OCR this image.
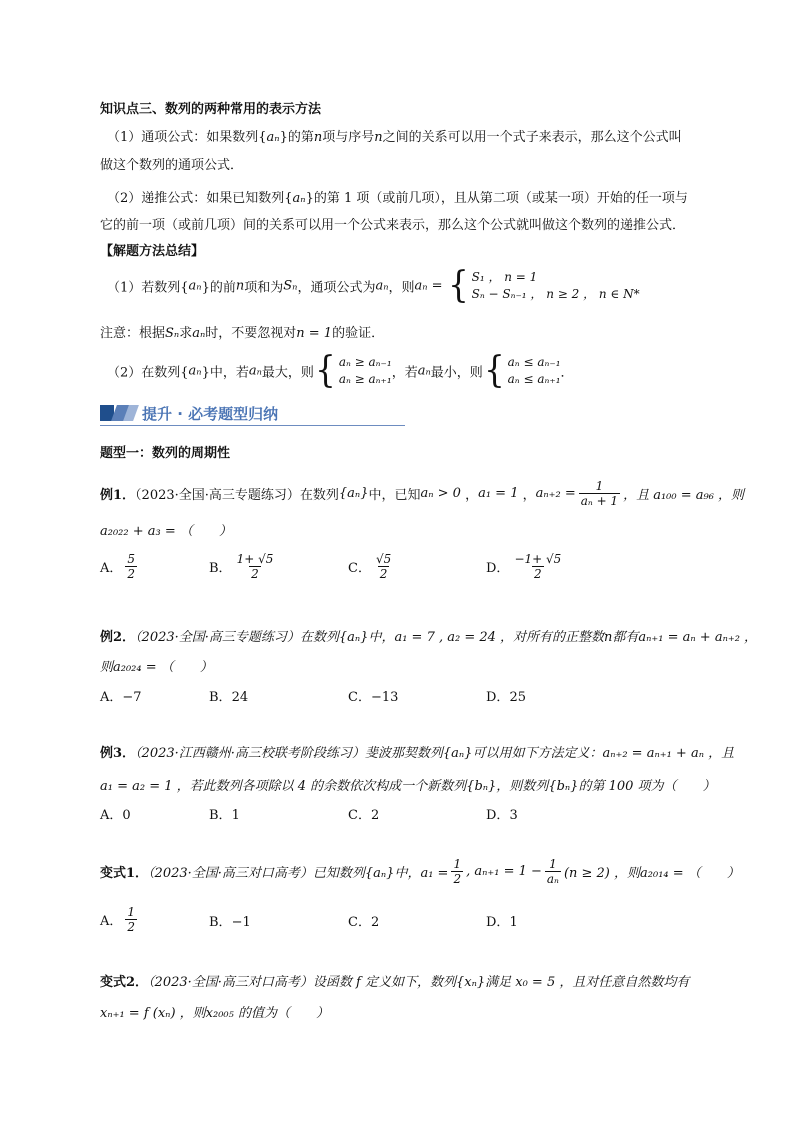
知识点三、数列的两种常用的表示方法
（1）通项公式：如果数列{aₙ}的第n项与序号n之间的关系可以用一个式子来表示，那么这个公式叫
做这个数列的通项公式．
（2）递推公式：如果已知数列{aₙ}的第 1 项（或前几项），且从第二项（或某一项）开始的任一项与
它的前一项（或前几项）间的关系可以用一个公式来表示，那么这个公式就叫做这个数列的递推公式．
【解题方法总结】
（1）若数列{aₙ}的前n项和为Sₙ，通项公式为aₙ，则aₙ = { S₁ ， n = 1
Sₙ − Sₙ₋₁ ， n ≥ 2 ， n ∈ N*
注意：根据Sₙ求aₙ时，不要忽视对n = 1的验证．
（2）在数列{aₙ}中，若aₙ最大，则 { aₙ ≥ aₙ₋₁
aₙ ≥ aₙ₊₁ ，若aₙ最小，则 { aₙ ≤ aₙ₋₁
aₙ ≤ aₙ₊₁ ．
提升 · 必考题型归纳
题型一：数列的周期性
例1．（2023·全国·高三专题练习）在数列{aₙ}中，已知aₙ > 0 ，a₁ = 1 ，$a_{n+2} = \frac{1}{\text{aₙ + 1}}$ ，且 a₁₀₀ = a₉₆ ，则
a₂₀₂₂ + a₃ = （　　）
A． $\frac{5}{2}$	B． $\frac{1+ √5}{2}$	C． $\frac{√5}{2}$	D． $\frac{-1+ √5}{2}$
例2．（2023·全国·高三专题练习）在数列{aₙ}中，a₁ = 7 , a₂ = 24 ，对所有的正整数n都有aₙ₊₁ = aₙ + aₙ₊₂ ，
则a₂₀₂₄ = （　　）
A．−7	B．24	C．−13	D．25
例3．（2023·江西赣州·高三校联考阶段练习）斐波那契数列{aₙ}可以用如下方法定义：aₙ₊₂ = aₙ₊₁ + aₙ ，且
a₁ = a₂ = 1 ，若此数列各项除以 4 的余数依次构成一个新数列{bₙ}，则数列{bₙ}的第 100 项为（　　）
A．0	B．1	C．2	D．3
变式1．（2023·全国·高三对口高考）已知数列{aₙ}中，$a_1 = \frac{1}{2}$ , $a_{n+1} = 1 - \frac{1}{\text{aₙ}} (n \ge 2)$ ，则a₂₀₁₄ = （　　）
A． $\frac{1}{2}$	B．−1	C．2	D．1
变式2．（2023·全国·高三对口高考）设函数 f 定义如下，数列{xₙ}满足 x₀ = 5 ，且对任意自然数均有
xₙ₊₁ = f (xₙ) ，则x₂₀₀₅ 的值为（　　）
